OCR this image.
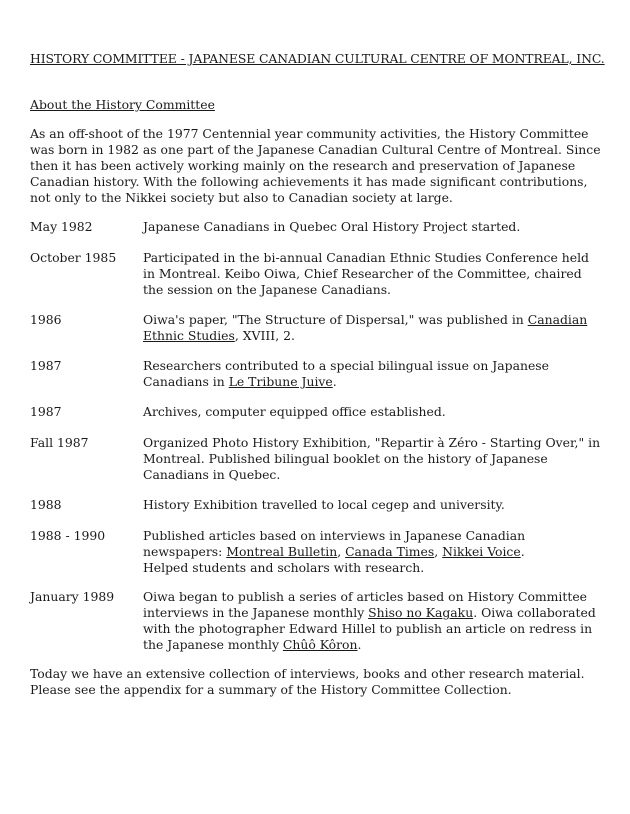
HISTORY COMMITTEE - JAPANESE CANADIAN CULTURAL CENTRE OF MONTREAL, INC.
About the History Committee
As an off-shoot of the 1977 Centennial year community activities, the History Committee was born in 1982 as one part of the Japanese Canadian Cultural Centre of Montreal. Since then it has been actively working mainly on the research and preservation of Japanese Canadian history. With the following achievements it has made significant contributions, not only to the Nikkei society but also to Canadian society at large.
May 1982	Japanese Canadians in Quebec Oral History Project started.
October 1985	Participated in the bi-annual Canadian Ethnic Studies Conference held in Montreal. Keibo Oiwa, Chief Researcher of the Committee, chaired the session on the Japanese Canadians.
1986	Oiwa's paper, "The Structure of Dispersal," was published in Canadian Ethnic Studies, XVIII, 2.
1987	Researchers contributed to a special bilingual issue on Japanese Canadians in Le Tribune Juive.
1987	Archives, computer equipped office established.
Fall 1987	Organized Photo History Exhibition, "Repartir à Zéro - Starting Over," in Montreal. Published bilingual booklet on the history of Japanese Canadians in Quebec.
1988	History Exhibition travelled to local cegep and university.
1988 - 1990	Published articles based on interviews in Japanese Canadian newspapers: Montreal Bulletin, Canada Times, Nikkei Voice.
Helped students and scholars with research.
January 1989	Oiwa began to publish a series of articles based on History Committee interviews in the Japanese monthly Shiso no Kagaku. Oiwa collaborated with the photographer Edward Hillel to publish an article on redress in the Japanese monthly Chûô Kôron.
Today we have an extensive collection of interviews, books and other research material. Please see the appendix for a summary of the History Committee Collection.
